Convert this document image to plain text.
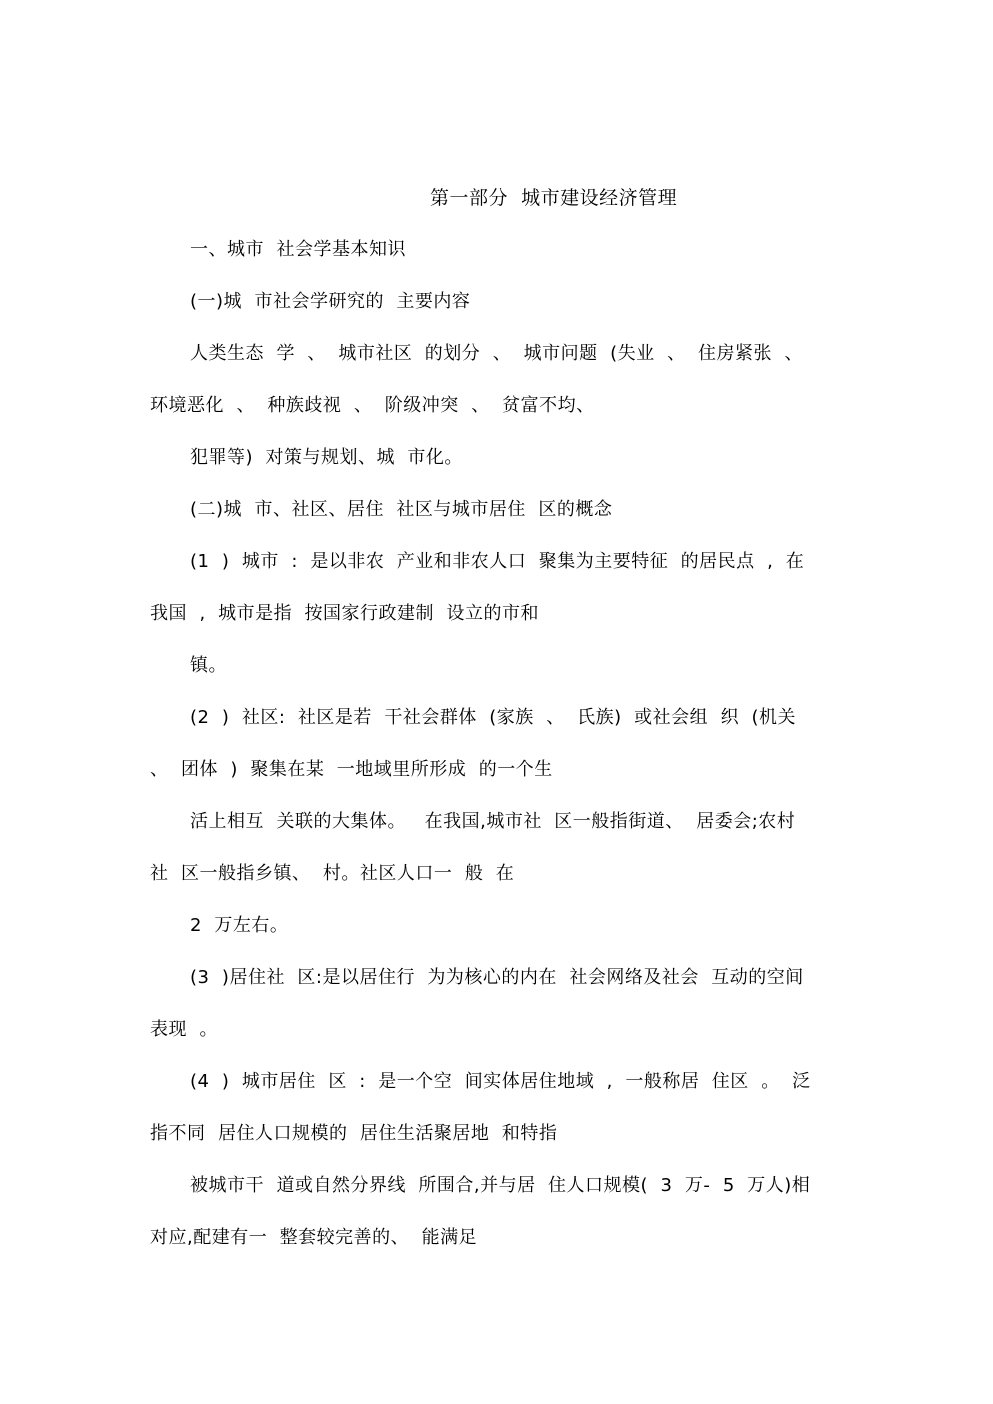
第一部分  城市建设经济管理
一、城市  社会学基本知识
(一)城  市社会学研究的  主要内容
人类生态  学  、  城市社区  的划分  、  城市问题  (失业  、  住房紧张  、
环境恶化  、  种族歧视  、  阶级冲突  、  贫富不均、
犯罪等)  对策与规划、城  市化。
(二)城  市、社区、居住  社区与城市居住  区的概念
(1  )  城市  :  是以非农  产业和非农人口  聚集为主要特征  的居民点  ,  在
我国  ,  城市是指  按国家行政建制  设立的市和
镇。
(2  )  社区:  社区是若  干社会群体  (家族  、  氏族)  或社会组  织  (机关
、  团体  )  聚集在某  一地域里所形成  的一个生
活上相互  关联的大集体。   在我国,城市社  区一般指街道、  居委会;农村
社  区一般指乡镇、  村。社区人口一  般  在
2  万左右。
(3  )居住社  区:是以居住行  为为核心的内在  社会网络及社会  互动的空间
表现  。
(4  )  城市居住  区  :  是一个空  间实体居住地域  ,  一般称居  住区  。  泛
指不同  居住人口规模的  居住生活聚居地  和特指
被城市干  道或自然分界线  所围合,并与居  住人口规模(  3  万-  5  万人)相
对应,配建有一  整套较完善的、  能满足
